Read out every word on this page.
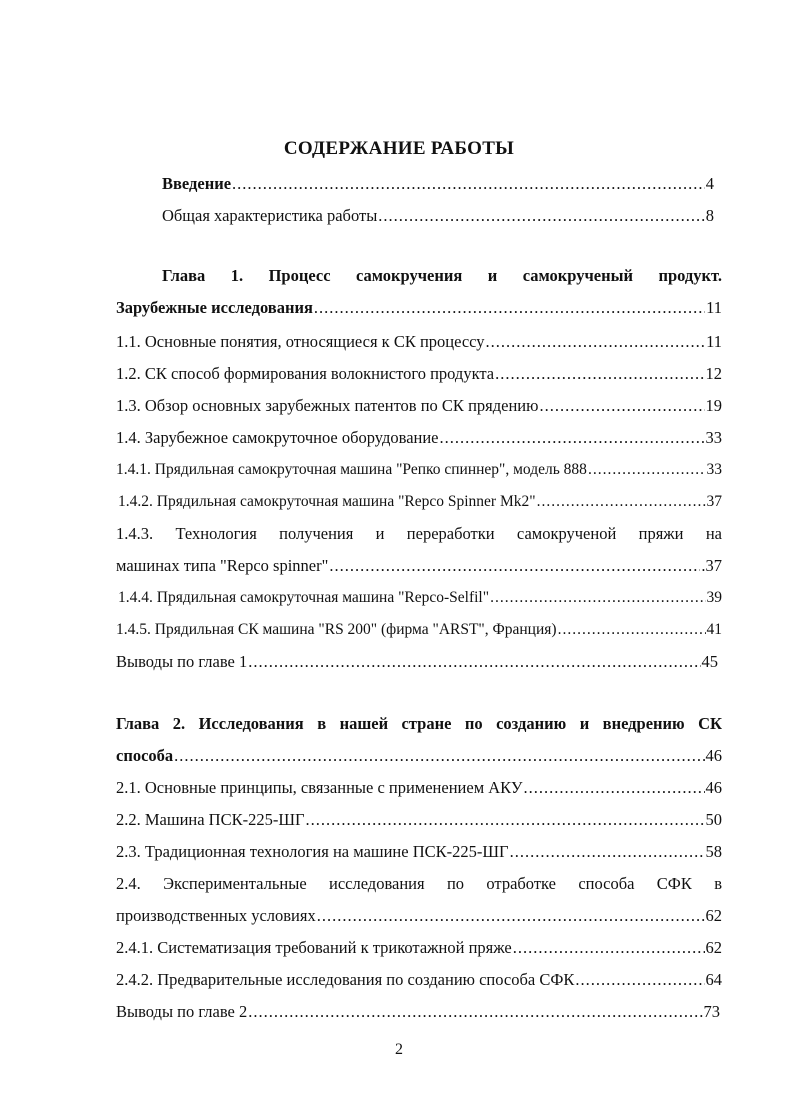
СОДЕРЖАНИЕ РАБОТЫ
Введение .....	4
Общая характеристика работы .....	8
Глава 1. Процесс самокручения и самокрученый продукт.
Зарубежные исследования .....	11
1.1. Основные понятия, относящиеся к СК процессу .....	11
1.2. СК способ формирования волокнистого продукта .....	12
1.3. Обзор основных зарубежных патентов по СК прядению .....	19
1.4. Зарубежное самокруточное оборудование .....	33
1.4.1. Прядильная самокруточная машина "Репко спиннер", модель 888 .....	33
1.4.2. Прядильная самокруточная машина "Repco Spinner Mk2" .....	37
1.4.3. Технология получения и переработки самокрученой пряжи на
машинах типа "Repco spinner" .....	.37
1.4.4. Прядильная самокруточная машина "Repco-Selfil" .....	39
1.4.5. Прядильная СК машина "RS 200" (фирма "ARST", Франция) .....	41
Выводы по главе 1 .....	45
Глава 2. Исследования в нашей стране по созданию и внедрению СК
способа .....	46
2.1. Основные принципы, связанные с применением АКУ .....	46
2.2. Машина ПСК-225-ШГ .....	50
2.3. Традиционная технология на машине ПСК-225-ШГ .....	58
2.4. Экспериментальные исследования по отработке способа СФК в
производственных условиях .....	62
2.4.1. Систематизация требований к трикотажной пряже .....	62
2.4.2. Предварительные исследования по созданию способа СФК .....	64
Выводы по главе 2 .....	73
2
